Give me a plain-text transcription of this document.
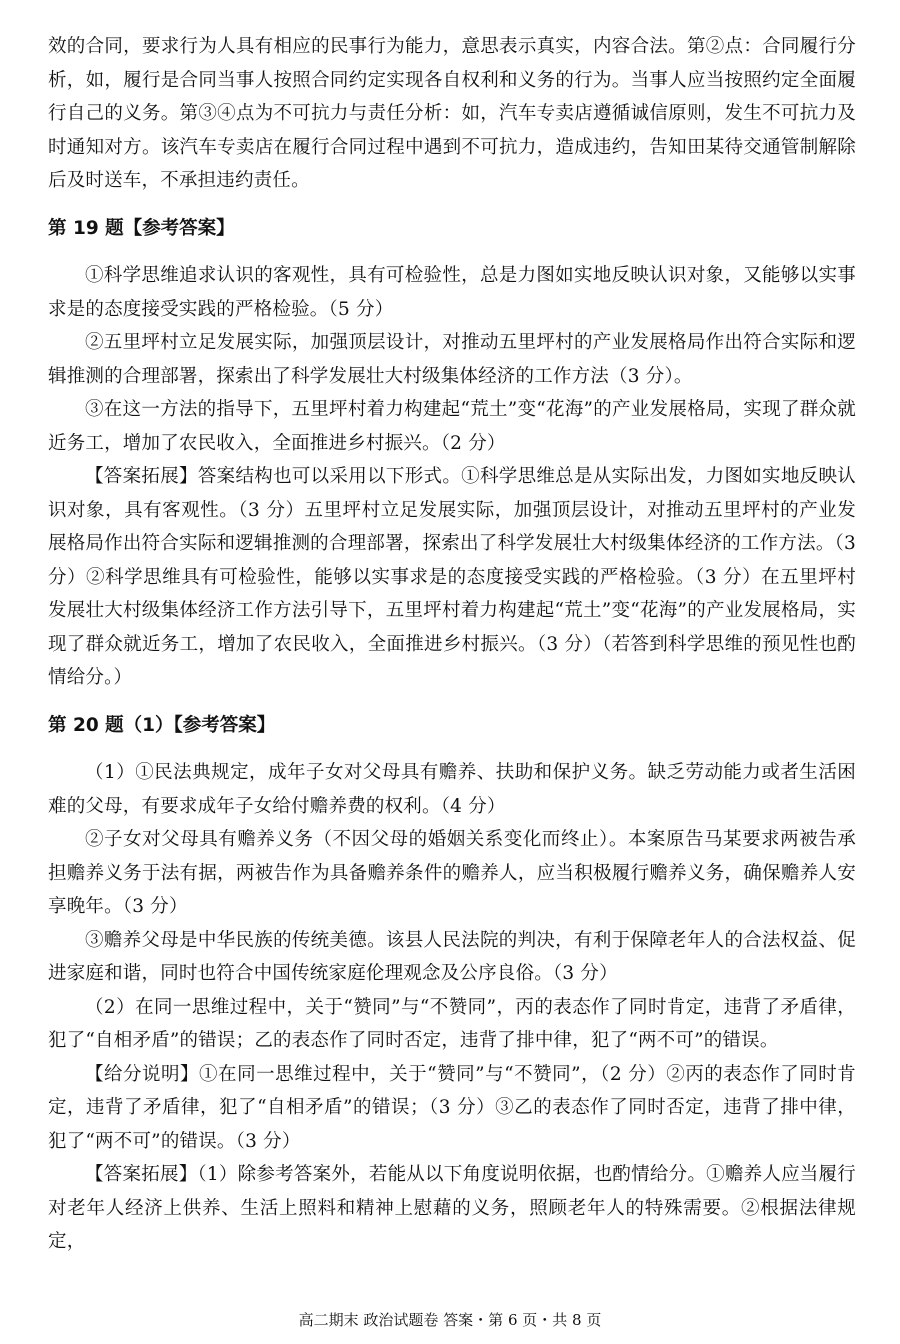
效的合同，要求行为人具有相应的民事行为能力，意思表示真实，内容合法。第②点：合同履行分析，如，履行是合同当事人按照合同约定实现各自权利和义务的行为。当事人应当按照约定全面履行自己的义务。第③④点为不可抗力与责任分析：如，汽车专卖店遵循诚信原则，发生不可抗力及时通知对方。该汽车专卖店在履行合同过程中遇到不可抗力，造成违约，告知田某待交通管制解除后及时送车，不承担违约责任。

第 19 题【参考答案】

①科学思维追求认识的客观性，具有可检验性，总是力图如实地反映认识对象，又能够以实事求是的态度接受实践的严格检验。（5 分）

②五里坪村立足发展实际，加强顶层设计，对推动五里坪村的产业发展格局作出符合实际和逻辑推测的合理部署，探索出了科学发展壮大村级集体经济的工作方法（3 分）。

③在这一方法的指导下，五里坪村着力构建起“荒土”变“花海”的产业发展格局，实现了群众就近务工，增加了农民收入，全面推进乡村振兴。（2 分）

【答案拓展】答案结构也可以采用以下形式。①科学思维总是从实际出发，力图如实地反映认识对象，具有客观性。（3 分）五里坪村立足发展实际，加强顶层设计，对推动五里坪村的产业发展格局作出符合实际和逻辑推测的合理部署，探索出了科学发展壮大村级集体经济的工作方法。（3 分）②科学思维具有可检验性，能够以实事求是的态度接受实践的严格检验。（3 分）在五里坪村发展壮大村级集体经济工作方法引导下，五里坪村着力构建起“荒土”变“花海”的产业发展格局，实现了群众就近务工，增加了农民收入，全面推进乡村振兴。（3 分）（若答到科学思维的预见性也酌情给分。）

第 20 题（1）【参考答案】

（1）①民法典规定，成年子女对父母具有赡养、扶助和保护义务。缺乏劳动能力或者生活困难的父母，有要求成年子女给付赡养费的权利。（4 分）

②子女对父母具有赡养义务（不因父母的婚姻关系变化而终止）。本案原告马某要求两被告承担赡养义务于法有据，两被告作为具备赡养条件的赡养人，应当积极履行赡养义务，确保赡养人安享晚年。（3 分）

③赡养父母是中华民族的传统美德。该县人民法院的判决，有利于保障老年人的合法权益、促进家庭和谐，同时也符合中国传统家庭伦理观念及公序良俗。（3 分）

（2）在同一思维过程中，关于“赞同”与“不赞同”，丙的表态作了同时肯定，违背了矛盾律，犯了“自相矛盾”的错误；乙的表态作了同时否定，违背了排中律，犯了“两不可”的错误。

【给分说明】①在同一思维过程中，关于“赞同”与“不赞同”，（2 分）②丙的表态作了同时肯定，违背了矛盾律，犯了“自相矛盾”的错误；（3 分）③乙的表态作了同时否定，违背了排中律，犯了“两不可”的错误。（3 分）

【答案拓展】（1）除参考答案外，若能从以下角度说明依据，也酌情给分。①赡养人应当履行对老年人经济上供养、生活上照料和精神上慰藉的义务，照顾老年人的特殊需要。②根据法律规定，

高二期末 政治试题卷 答案・第 6 页・共 8 页
